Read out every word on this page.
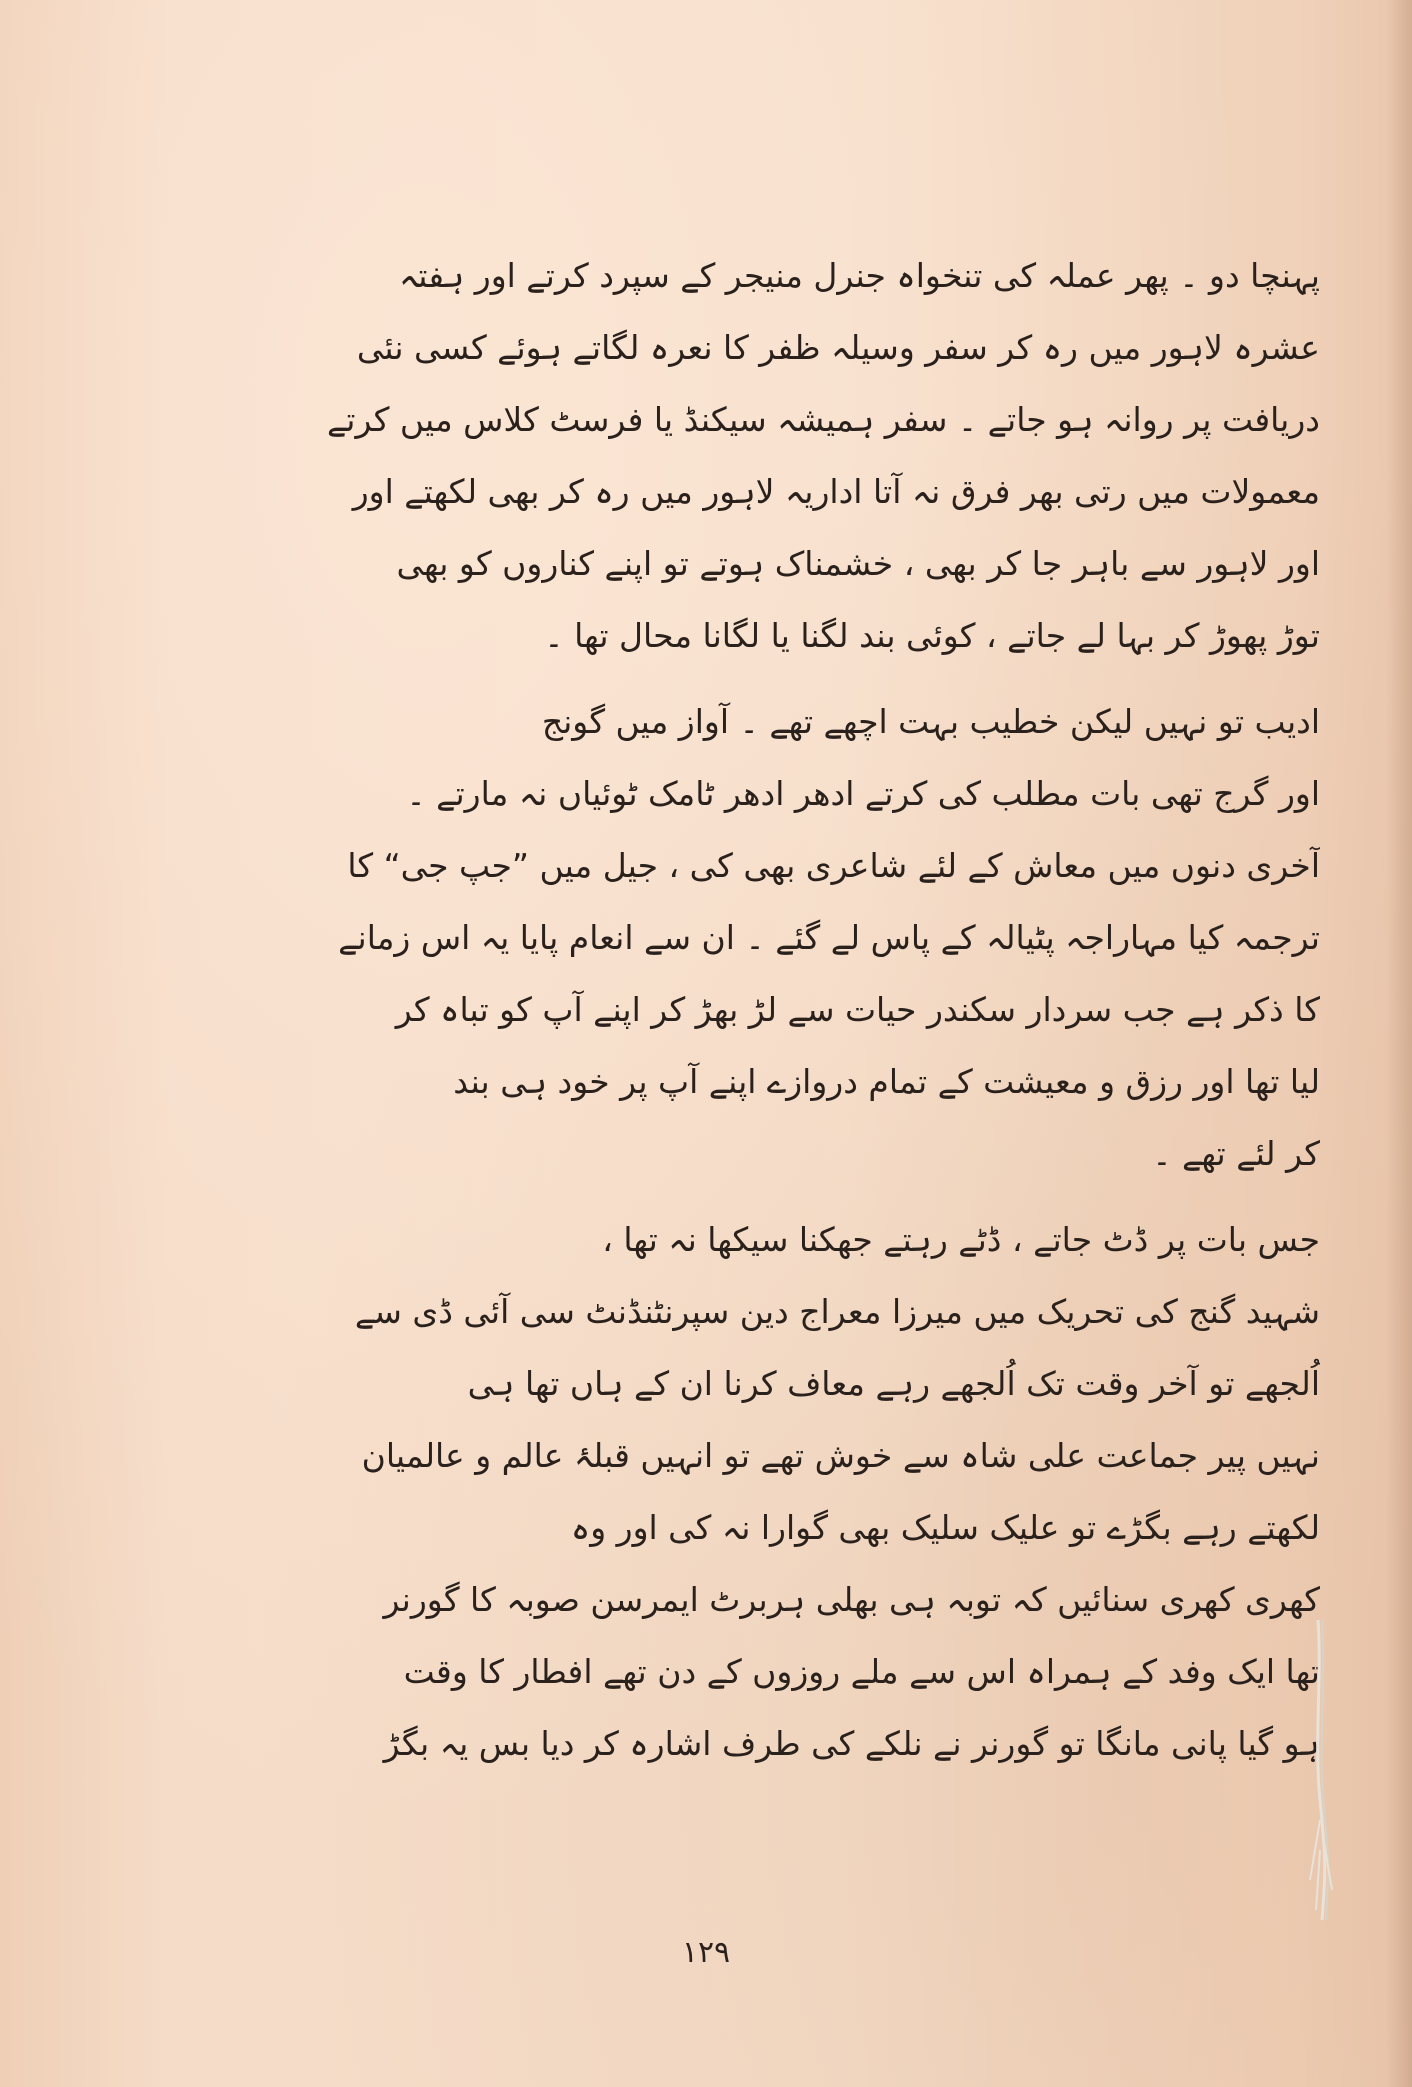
پہنچا دو ۔ پھر عملہ کی تنخواہ جنرل منیجر کے سپرد کرتے اور ہفتہ
عشرہ لاہور میں رہ کر سفر وسیلہ ظفر کا نعرہ لگاتے ہوئے کسی نئی
دریافت پر روانہ ہو جاتے ۔ سفر ہمیشہ سیکنڈ یا فرسٹ کلاس میں کرتے
معمولات میں رتی بھر فرق نہ آتا اداریہ لاہور میں رہ کر بھی لکھتے اور
اور لاہور سے باہر جا کر بھی ، خشمناک ہوتے تو اپنے کناروں کو بھی
توڑ پھوڑ کر بہا لے جاتے ، کوئی بند لگنا یا لگانا محال تھا ۔
ادیب تو نہیں لیکن خطیب بہت اچھے تھے ۔ آواز میں گونج
اور گرج تھی بات مطلب کی کرتے ادھر ادھر ٹامک ٹوئیاں نہ مارتے ۔
آخری دنوں میں معاش کے لئے شاعری بھی کی ، جیل میں ”جپ جی“ کا
ترجمہ کیا مہاراجہ پٹیالہ کے پاس لے گئے ۔ ان سے انعام پایا یہ اس زمانے
کا ذکر ہے جب سردار سکندر حیات سے لڑ بھڑ کر اپنے آپ کو تباہ کر
لیا تھا اور رزق و معیشت کے تمام دروازے اپنے آپ پر خود ہی بند
کر لئے تھے ۔
جس بات پر ڈٹ جاتے ، ڈٹے رہتے جھکنا سیکھا نہ تھا ،
شہید گنج کی تحریک میں میرزا معراج دین سپرنٹنڈنٹ سی آئی ڈی سے
اُلجھے تو آخر وقت تک اُلجھے رہے معاف کرنا ان کے ہاں تھا ہی
نہیں پیر جماعت علی شاہ سے خوش تھے تو انہیں قبلۂ عالم و عالمیان
لکھتے رہے بگڑے تو علیک سلیک بھی گوارا نہ کی اور وہ
کھری کھری سنائیں کہ توبہ ہی بھلی ہربرٹ ایمرسن صوبہ کا گورنر
تھا ایک وفد کے ہمراہ اس سے ملے روزوں کے دن تھے افطار کا وقت
ہو گیا پانی مانگا تو گورنر نے نلکے کی طرف اشارہ کر دیا بس یہ بگڑ
۱۲۹
